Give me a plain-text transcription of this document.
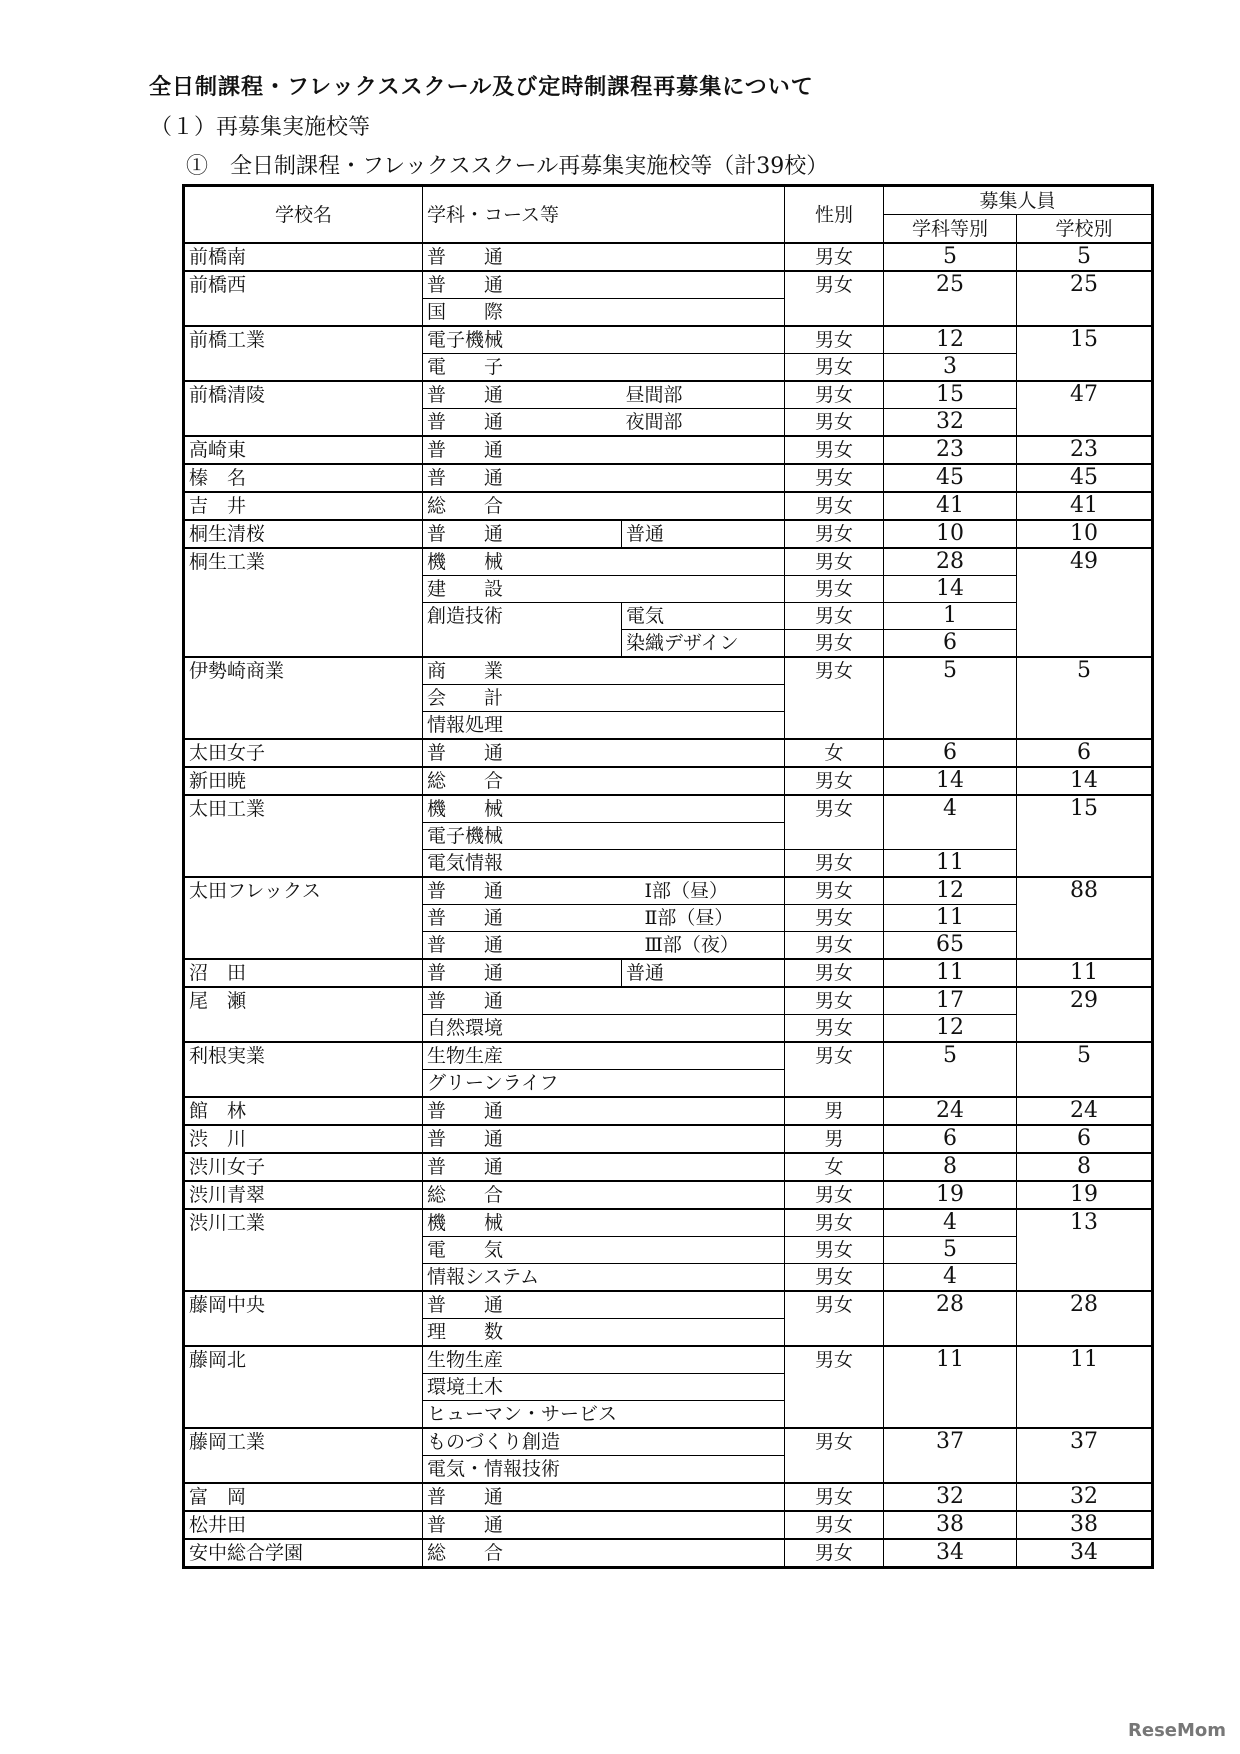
全日制課程・フレックススクール及び定時制課程再募集について
（１）再募集実施校等
①　全日制課程・フレックススクール再募集実施校等（計39校）
学校名	学科・コース等		性別	募集人員	
				学科等別	学校別
前橋南	普　　通		男女	5	5
前橋西	普　　通		男女	25	25
	国　　際				
前橋工業	電子機械		男女	12	15
	電　　子		男女	3	
前橋清陵	普　　通	昼間部	男女	15	47
	普　　通	夜間部	男女	32	
高崎東	普　　通		男女	23	23
榛　名	普　　通		男女	45	45
吉　井	総　　合		男女	41	41
桐生清桜	普　　通	普通	男女	10	10
桐生工業	機　　械		男女	28	49
	建　　設		男女	14	
	創造技術	電気	男女	1	
		染織デザイン	男女	6	
伊勢崎商業	商　　業		男女	5	5
	会　　計				
	情報処理				
太田女子	普　　通		女	6	6
新田暁	総　　合		男女	14	14
太田工業	機　　械		男女	4	15
	電子機械				
	電気情報		男女	11	
太田フレックス	普　　通	　Ⅰ部（昼）	男女	12	88
	普　　通	　Ⅱ部（昼）	男女	11	
	普　　通	　Ⅲ部（夜）	男女	65	
沼　田	普　　通	普通	男女	11	11
尾　瀬	普　　通		男女	17	29
	自然環境		男女	12	
利根実業	生物生産		男女	5	5
	グリーンライフ				
館　林	普　　通		男	24	24
渋　川	普　　通		男	6	6
渋川女子	普　　通		女	8	8
渋川青翠	総　　合		男女	19	19
渋川工業	機　　械		男女	4	13
	電　　気		男女	5	
	情報システム		男女	4	
藤岡中央	普　　通		男女	28	28
	理　　数				
藤岡北	生物生産		男女	11	11
	環境土木				
	ヒューマン・サービス				
藤岡工業	ものづくり創造		男女	37	37
	電気・情報技術				
富　岡	普　　通		男女	32	32
松井田	普　　通		男女	38	38
安中総合学園	総　　合		男女	34	34
ReseMom
